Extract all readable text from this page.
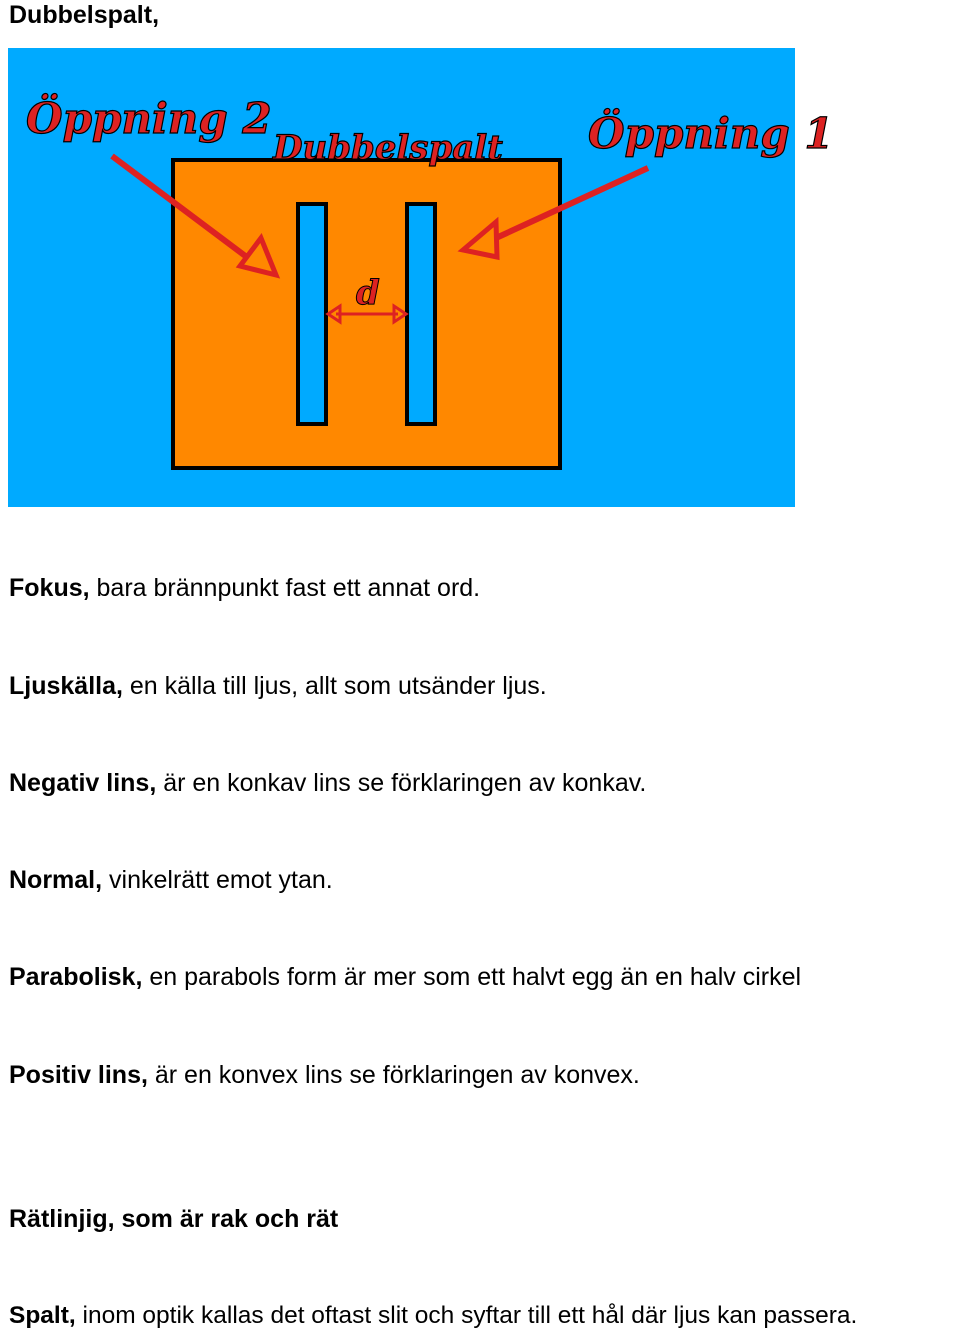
Dubbelspalt,
Öppning 2
Dubbelspalt Öppning 1
d
Fokus, bara brännpunkt fast ett annat ord.
Ljuskälla, en källa till ljus, allt som utsänder ljus.
Negativ lins, är en konkav lins se förklaringen av konkav.
Normal, vinkelrätt emot ytan.
Parabolisk, en parabols form är mer som ett halvt egg än en halv cirkel
Positiv lins, är en konvex lins se förklaringen av konvex.
Rätlinjig, som är rak och rät
Spalt, inom optik kallas det oftast slit och syftar till ett hål där ljus kan passera.
